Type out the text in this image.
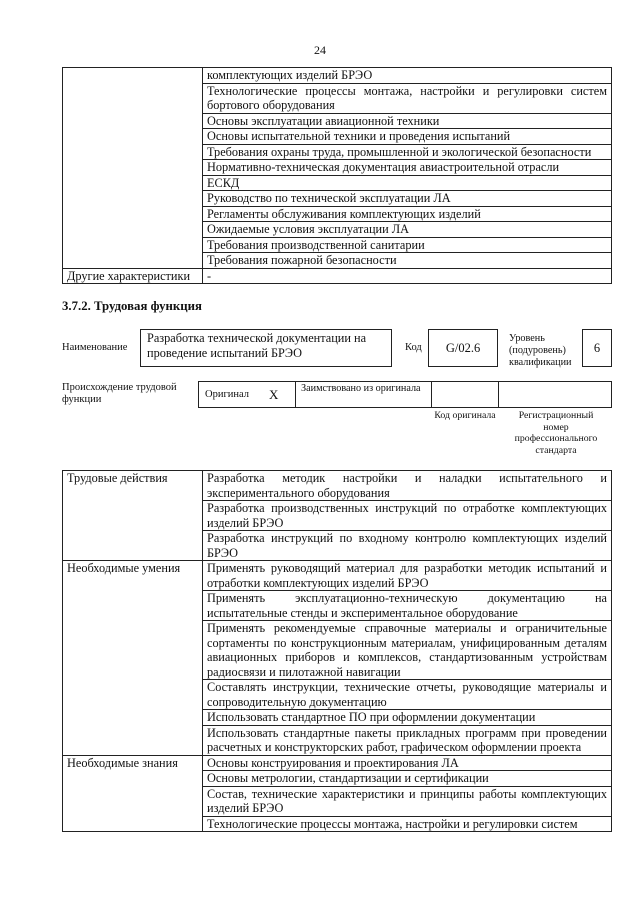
24
	комплектующих изделий БРЭО
	Технологические процессы монтажа, настройки и регулировки систем бортового оборудования
	Основы эксплуатации авиационной техники
	Основы испытательной техники и проведения испытаний
	Требования охраны труда, промышленной и экологической безопасности
	Нормативно-техническая документация авиастроительной отрасли
	ЕСКД
	Руководство по технической эксплуатации ЛА
	Регламенты обслуживания комплектующих изделий
	Ожидаемые условия эксплуатации ЛА
	Требования производственной санитарии
	Требования пожарной безопасности
Другие характеристики	-
3.7.2. Трудовая функция
Наименование
Разработка технической документации на проведение испытаний БРЭО	Код	G/02.6
Уровень (подуровень) квалификации
6
Происхождение трудовой функции	Оригинал X	Заимствовано из оригинала
Код оригинала	Регистрационный номер профессионального стандарта
Трудовые действия	Разработка методик настройки и наладки испытательного и экспериментального оборудования
	Разработка производственных инструкций по отработке комплектующих изделий БРЭО
	Разработка инструкций по входному контролю комплектующих изделий БРЭО
Необходимые умения	Применять руководящий материал для разработки методик испытаний и отработки комплектующих изделий БРЭО
	Применять эксплуатационно-техническую документацию на испытательные стенды и экспериментальное оборудование
	Применять рекомендуемые справочные материалы и ограничительные сортаменты по конструкционным материалам, унифицированным деталям авиационных приборов и комплексов, стандартизованным устройствам радиосвязи и пилотажной навигации
	Составлять инструкции, технические отчеты, руководящие материалы и сопроводительную документацию
	Использовать стандартное ПО при оформлении документации
	Использовать стандартные пакеты прикладных программ при проведении расчетных и конструкторских работ, графическом оформлении проекта
Необходимые знания	Основы конструирования и проектирования ЛА
	Основы метрологии, стандартизации и сертификации
	Состав, технические характеристики и принципы работы комплектующих изделий БРЭО
	Технологические процессы монтажа, настройки и регулировки систем
